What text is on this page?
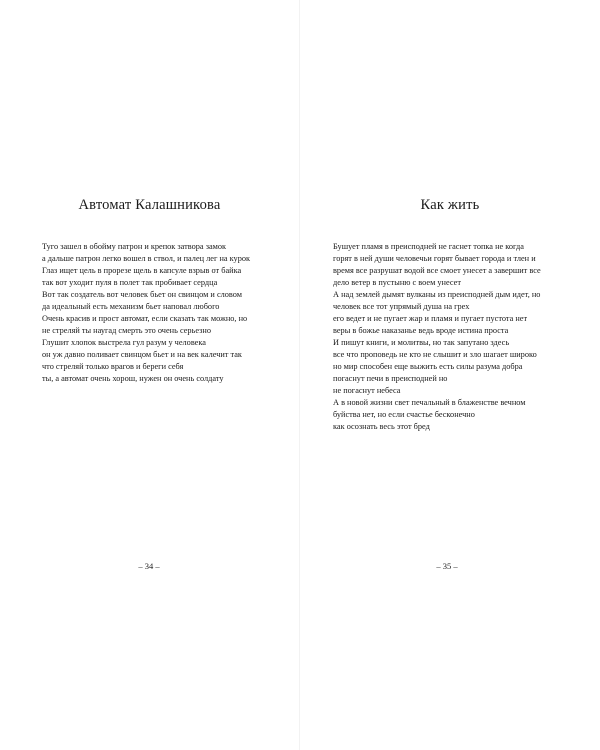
Автомат Калашникова
Туго зашел в обойму патрон и крепок затвора замок
а дальше патрон легко вошел в ствол, и палец лег на курок
Глаз ищет цель в прорезе щель в капсуле взрыв от байка
так вот уходит пуля в полет так пробивает сердца
Вот так создатель вот человек бьет он свинцом и словом
да идеальный есть механизм бьет наповал любого
Очень красив и прост автомат, если сказать так можно, но
не стреляй ты наугад смерть это очень серьезно
Глушит хлопок выстрела гул разум у человека
он уж давно поливает свинцом бьет и на век калечит так
что стреляй только врагов и береги себя
ты, а автомат очень хорош, нужен он очень солдату
– 34 –
Как жить
Бушует пламя в преисподней не гаснет топка не когда
горят в ней души человечьи горят бывает города и тлен и
время все разрушат водой все смоет унесет а завершит все
дело ветер в пустыню с воем унесет
А над землей дымят вулканы из преисподней дым идет, но
человек все тот упрямый душа на грех
его ведет и не пугает жар и пламя и пугает пустота нет
веры в божье наказанье ведь вроде истина проста
И пишут книги, и молитвы, но так запутано здесь
все что проповедь не кто не слышит и зло шагает широко
но мир способен еще выжить есть силы разума добра
погаснут печи в преисподней но
не погаснут небеса
А в новой жизни свет печальный в блаженстве вечном
буйства нет, но если счастье бесконечно
как осознать весь этот бред
– 35 –
